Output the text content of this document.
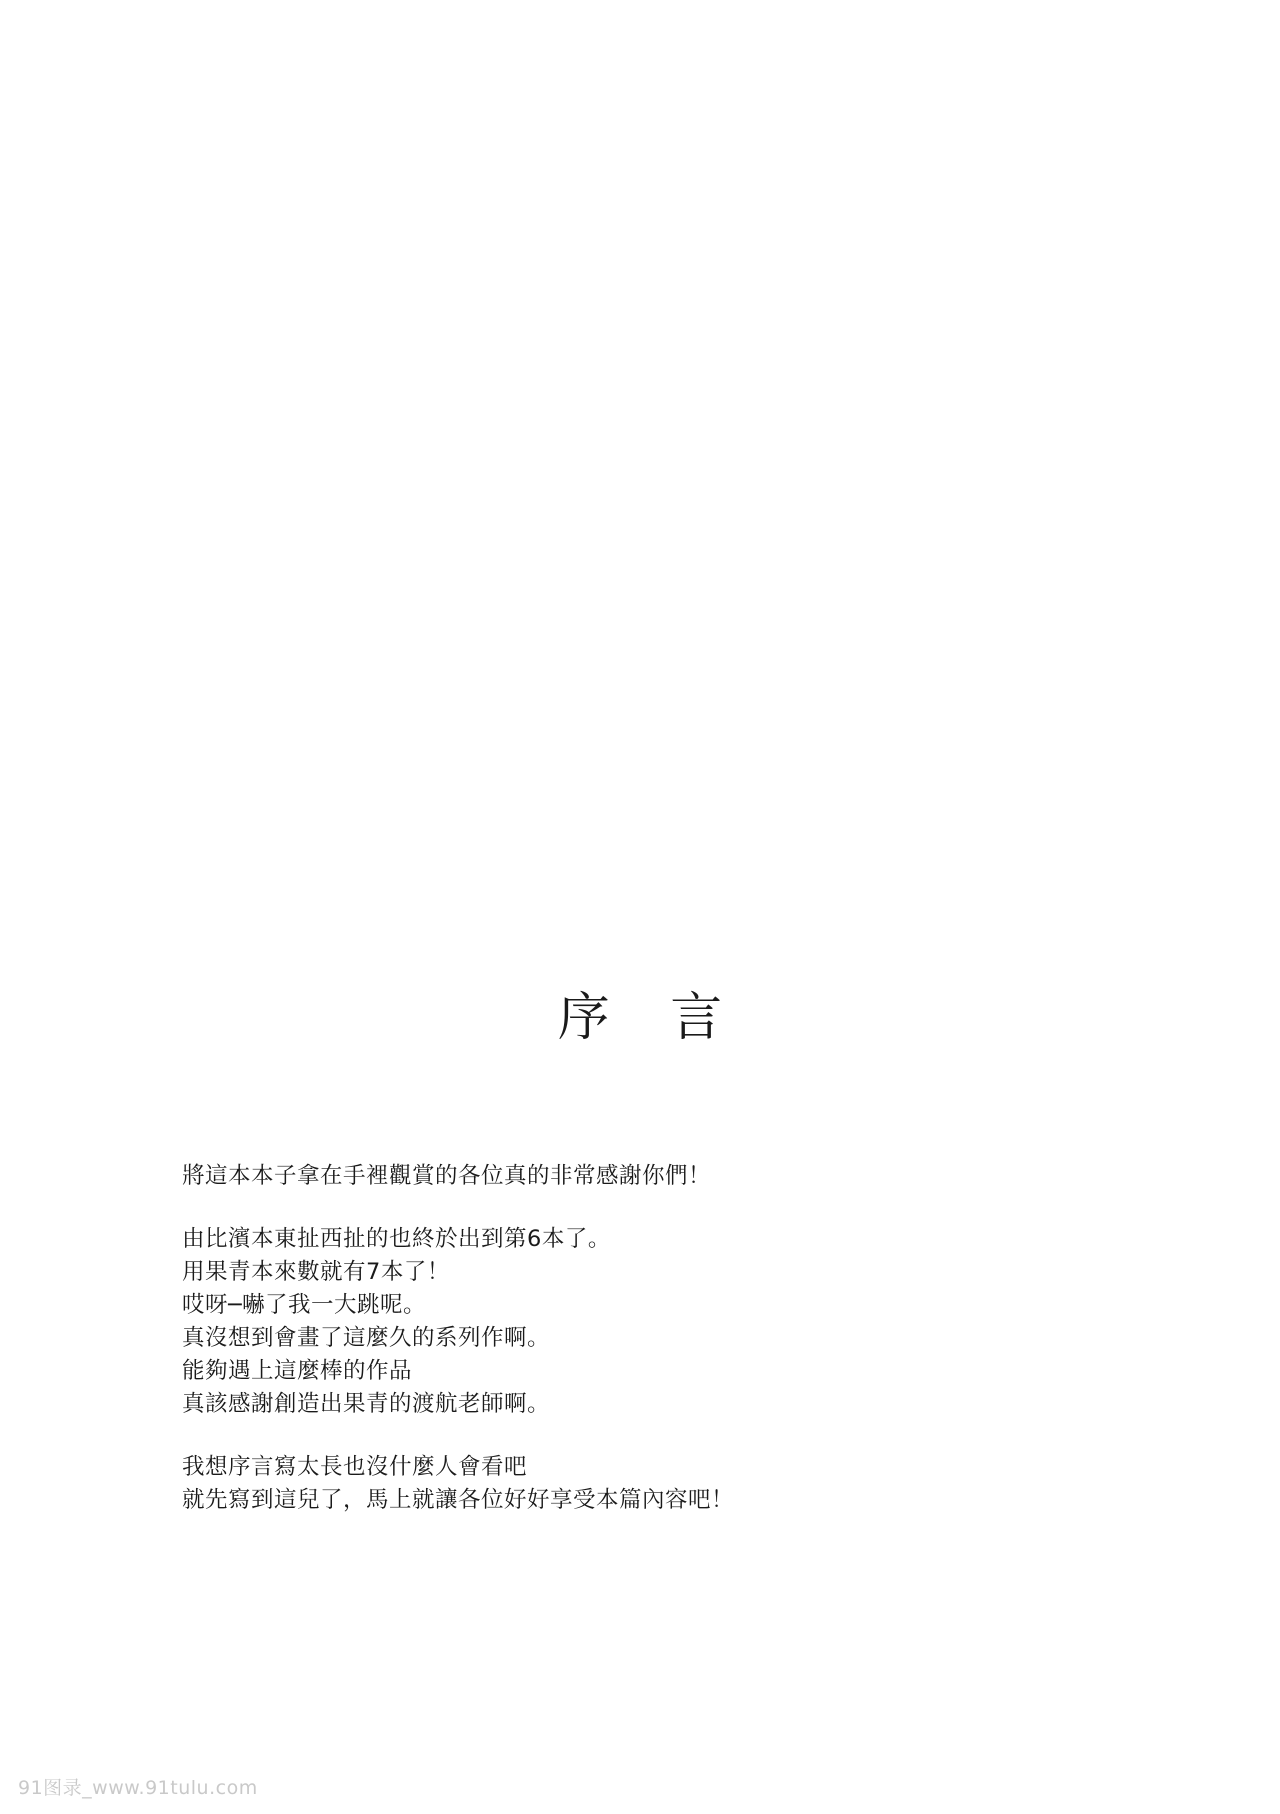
序 言

將這本本子拿在手裡觀賞的各位真的非常感謝你們！

由比濱本東扯西扯的也終於出到第6本了。
用果青本來數就有7本了！
哎呀─嚇了我一大跳呢。
真沒想到會畫了這麼久的系列作啊。
能夠遇上這麼棒的作品
真該感謝創造出果青的渡航老師啊。

我想序言寫太長也沒什麼人會看吧
就先寫到這兒了，馬上就讓各位好好享受本篇內容吧！

91图录_www.91tulu.com
